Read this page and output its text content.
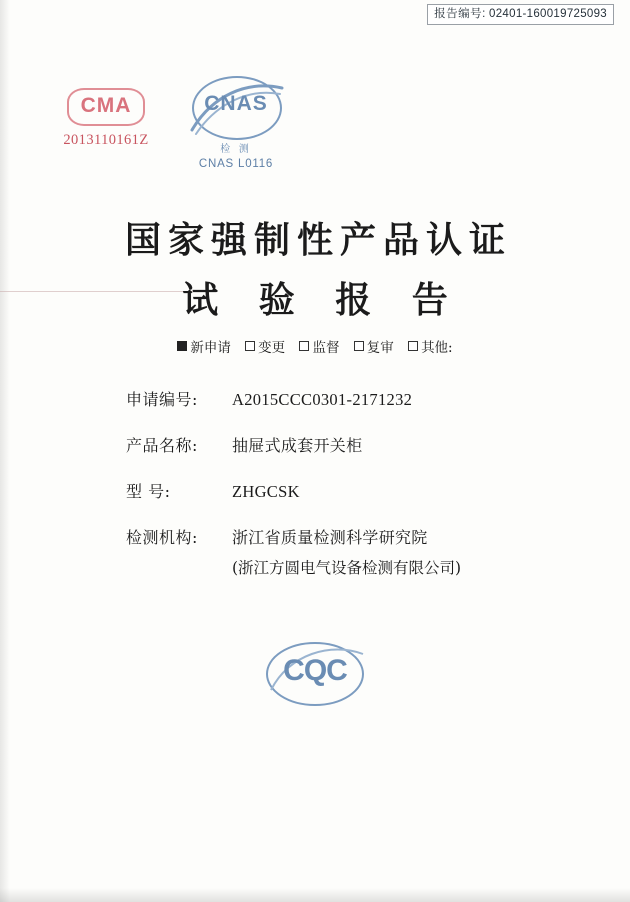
报告编号: 02401-160019725093
CMA
2013110161Z
CNAS
检 测
CNAS L0116
国家强制性产品认证
试 验 报 告
新申请 变更 监督 复审 其他:
申请编号:	A2015CCC0301-2171232
产品名称:	抽屉式成套开关柜
型 号:	ZHGCSK
检测机构:	浙江省质量检测科学研究院
(浙江方圆电气设备检测有限公司)
CQC
